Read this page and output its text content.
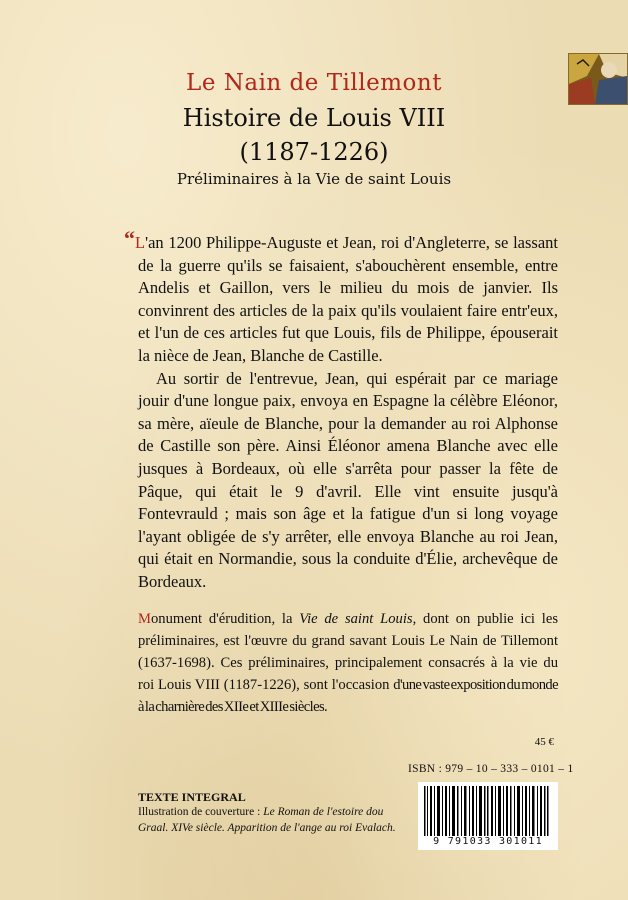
Le Nain de Tillemont
Histoire de Louis VIII
(1187-1226)
Préliminaires à la Vie de saint Louis

“L'an 1200 Philippe-Auguste et Jean, roi d'Angleterre, se lassant de la guerre qu'ils se faisaient, s'abouchèrent ensemble, entre Andelis et Gaillon, vers le milieu du mois de janvier. Ils convinrent des articles de la paix qu'ils voulaient faire entr'eux, et l'un de ces articles fut que Louis, fils de Philippe, épouserait la nièce de Jean, Blanche de Castille.

Au sortir de l'entrevue, Jean, qui espérait par ce mariage jouir d'une longue paix, envoya en Espagne la célèbre Eléonor, sa mère, aïeule de Blanche, pour la demander au roi Alphonse de Castille son père. Ainsi Éléonor amena Blanche avec elle jusques à Bordeaux, où elle s'arrêta pour passer la fête de Pâque, qui était le 9 d'avril. Elle vint ensuite jusqu'à Fontevrauld ; mais son âge et la fatigue d'un si long voyage l'ayant obligée de s'y arrêter, elle envoya Blanche au roi Jean, qui était en Normandie, sous la conduite d'Élie, archevêque de Bordeaux.

Monument d'érudition, la Vie de saint Louis, dont on publie ici les préliminaires, est l'œuvre du grand savant Louis Le Nain de Tillemont (1637-1698). Ces préliminaires, principalement consacrés à la vie du roi Louis VIII (1187-1226), sont l'occasion d'une vaste exposition du monde à la charnière des XIIe et XIIIe siècles.

45 €
ISBN : 979 – 10 – 333 – 0101 – 1
9 791033 301011
TEXTE INTEGRAL
Illustration de couverture : Le Roman de l'estoire dou Graal. XIVe siècle. Apparition de l'ange au roi Evalach.
